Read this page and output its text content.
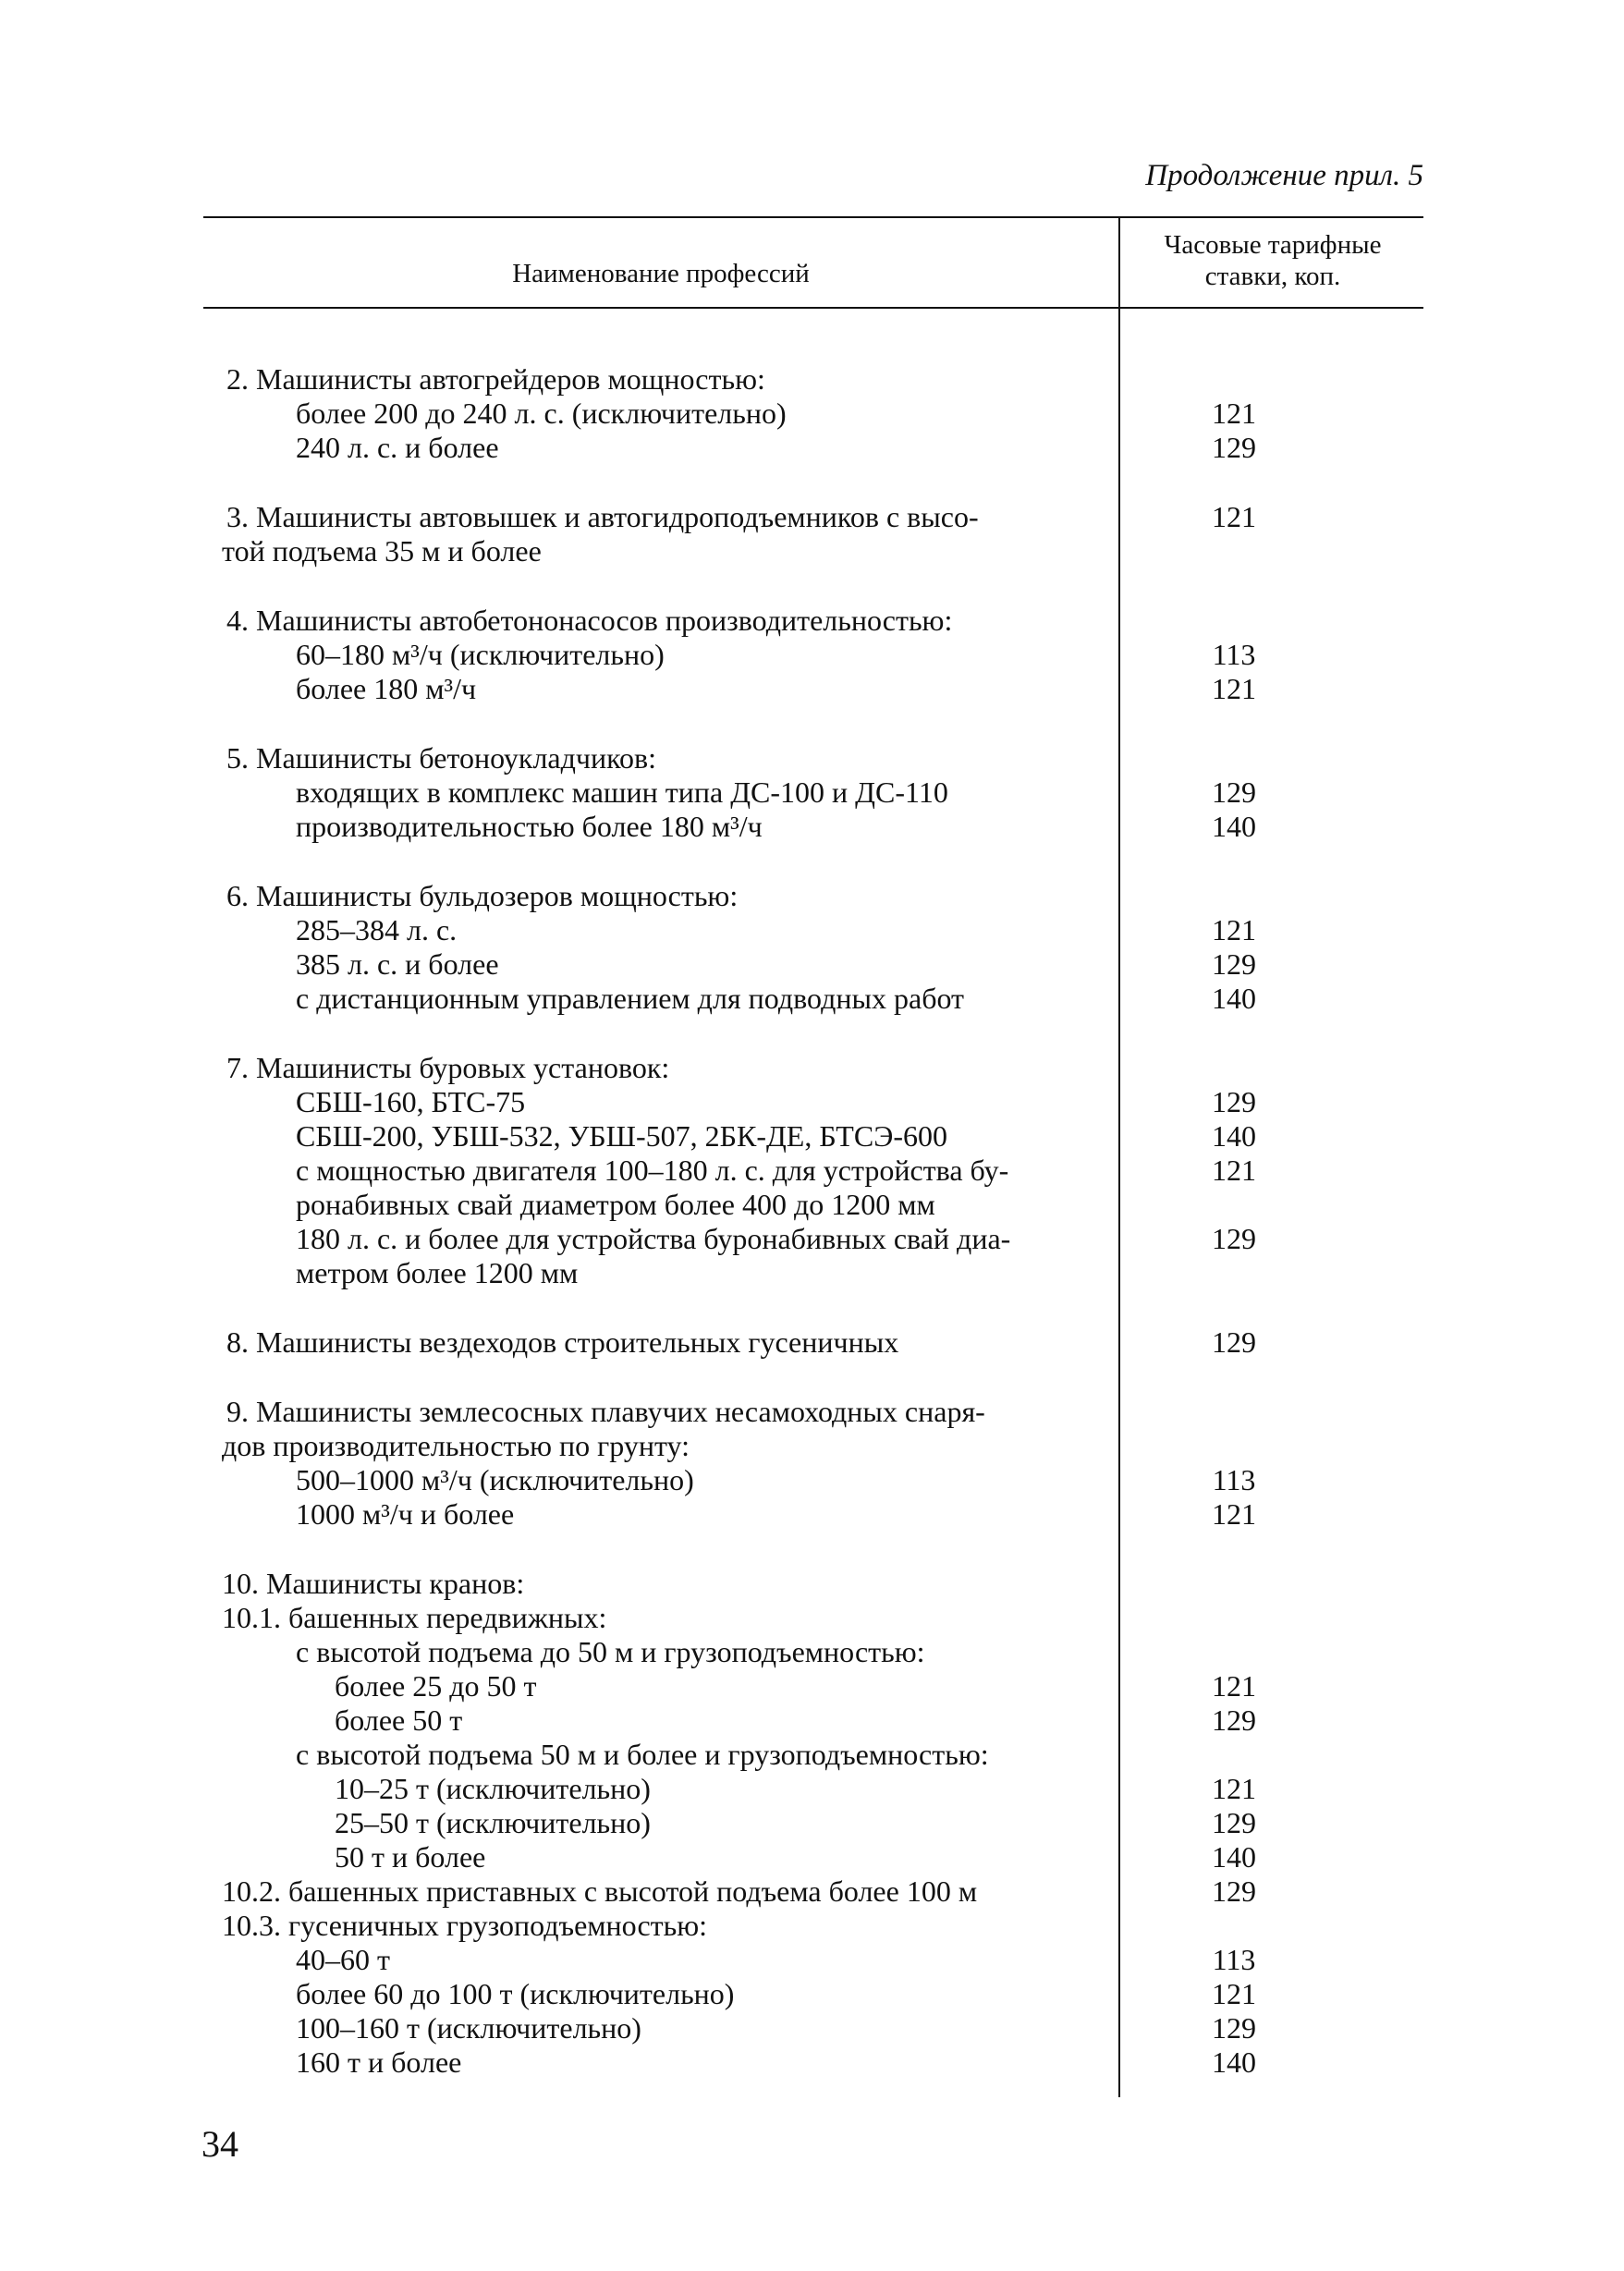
Продолжение прил. 5
Наименование профессий
Часовые тарифные
ставки, коп.
2. Машинисты автогрейдеров мощностью:
более 200 до 240 л. с. (исключительно)	121
240 л. с. и более	129
3. Машинисты автовышек и автогидроподъемников с высо-	121
той подъема 35 м и более
4. Машинисты автобетононасосов производительностью:
60–180 м³/ч (исключительно)	113
более 180 м³/ч	121
5. Машинисты бетоноукладчиков:
входящих в комплекс машин типа ДС-100 и ДС-110	129
производительностью более 180 м³/ч	140
6. Машинисты бульдозеров мощностью:
285–384 л. с.	121
385 л. с. и более	129
с дистанционным управлением для подводных работ	140
7. Машинисты буровых установок:
СБШ-160, БТС-75	129
СБШ-200, УБШ-532, УБШ-507, 2БК-ДЕ, БТСЭ-600	140
с мощностью двигателя 100–180 л. с. для устройства бу-	121
ронабивных свай диаметром более 400 до 1200 мм
180 л. с. и более для устройства буронабивных свай диа-	129
метром более 1200 мм
8. Машинисты вездеходов строительных гусеничных	129
9. Машинисты землесосных плавучих несамоходных снаря-
дов производительностью по грунту:
500–1000 м³/ч (исключительно)	113
1000 м³/ч и более	121
10. Машинисты кранов:
10.1. башенных передвижных:
с высотой подъема до 50 м и грузоподъемностью:
более 25 до 50 т	121
более 50 т	129
с высотой подъема 50 м и более и грузоподъемностью:
10–25 т (исключительно)	121
25–50 т (исключительно)	129
50 т и более	140
10.2. башенных приставных с высотой подъема более 100 м	129
10.3. гусеничных грузоподъемностью:
40–60 т	113
более 60 до 100 т (исключительно)	121
100–160 т (исключительно)	129
160 т и более	140
34
